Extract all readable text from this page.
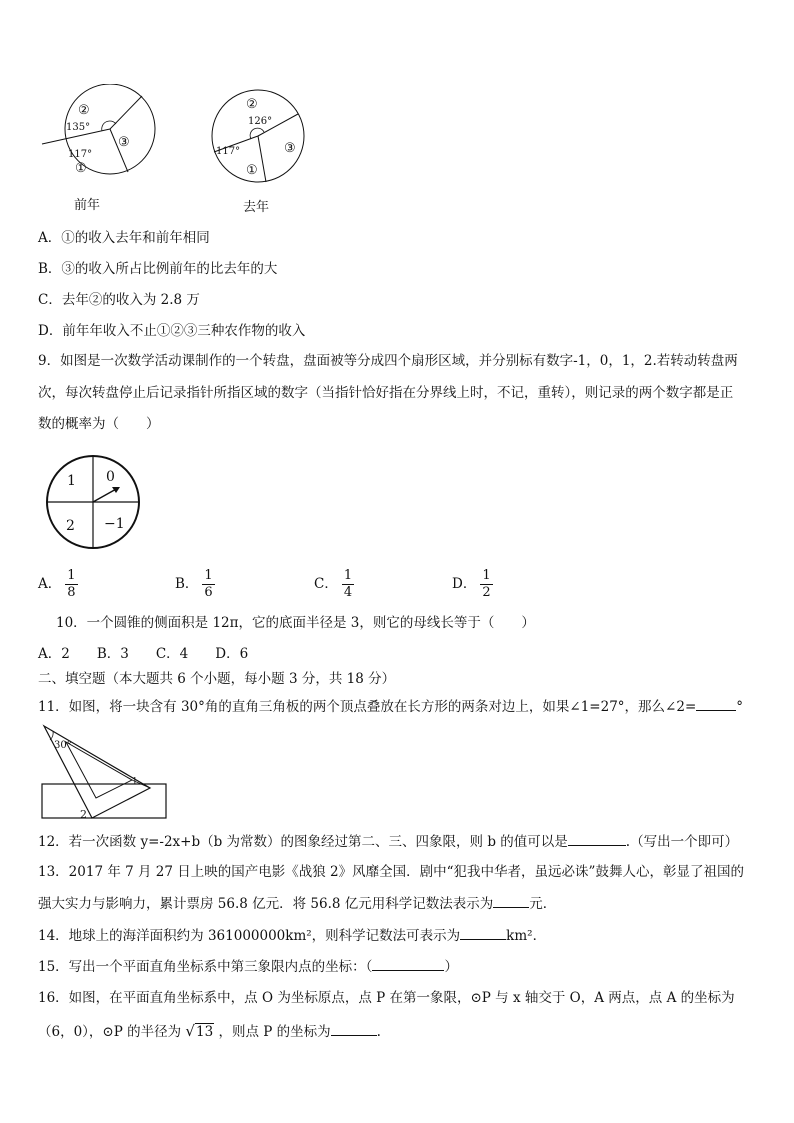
②
③
①
135°
117°
②
③
①
126°
117°
前年	去年
A．①的收入去年和前年相同
B．③的收入所占比例前年的比去年的大
C．去年②的收入为 2.8 万
D．前年年收入不止①②③三种农作物的收入
9．如图是一次数学活动课制作的一个转盘，盘面被等分成四个扇形区域，并分别标有数字-1，0，1，2.若转动转盘两
次，每次转盘停止后记录指针所指区域的数字（当指针恰好指在分界线上时，不记，重转），则记录的两个数字都是正
数的概率为（　　）
1 0
2 −1
A． $\frac{1}{8}$	B． $\frac{1}{6}$	C． $\frac{1}{4}$	D． $\frac{1}{2}$
10．一个圆锥的侧面积是 12π，它的底面半径是 3，则它的母线长等于（　　）
A．2　　B．3　　C．4　　D．6
二、填空题（本大题共 6 个小题，每小题 3 分，共 18 分）
11．如图，将一块含有 30°角的直角三角板的两个顶点叠放在长方形的两条对边上，如果∠1=27°，那么∠2=	°
30°
1
2
12．若一次函数 y=-2x+b（b 为常数）的图象经过第二、三、四象限，则 b 的值可以是	.（写出一个即可）
13．2017 年 7 月 27 日上映的国产电影《战狼 2》风靡全国．剧中“犯我中华者，虽远必诛”鼓舞人心，彰显了祖国的
强大实力与影响力，累计票房 56.8 亿元．将 56.8 亿元用科学记数法表示为	元．
14．地球上的海洋面积约为 361000000km²，则科学记数法可表示为	km²．
15．写出一个平面直角坐标系中第三象限内点的坐标：（	）
16．如图，在平面直角坐标系中，点 O 为坐标原点，点 P 在第一象限，⊙P 与 x 轴交于 O，A 两点，点 A 的坐标为
（6，0），⊙P 的半径为 √13 ，则点 P 的坐标为	.
